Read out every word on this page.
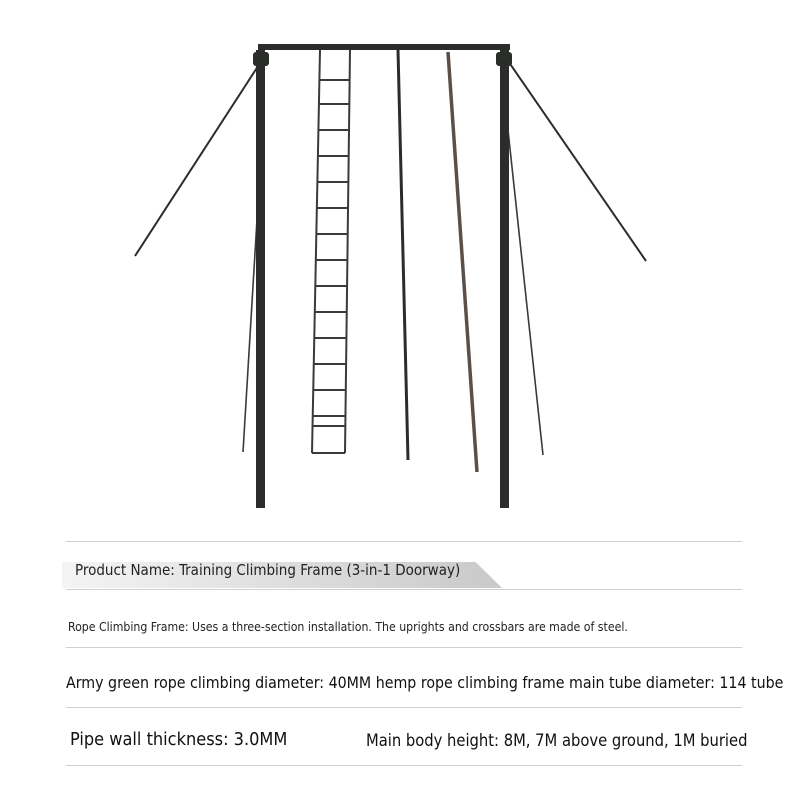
Product Name: Training Climbing Frame (3-in-1 Doorway)
Rope Climbing Frame: Uses a three-section installation. The uprights and crossbars are made of steel.
Army green rope climbing diameter: 40MM hemp rope climbing frame main tube diameter: 114 tube
Pipe wall thickness: 3.0MM	Main body height: 8M, 7M above ground, 1M buried
